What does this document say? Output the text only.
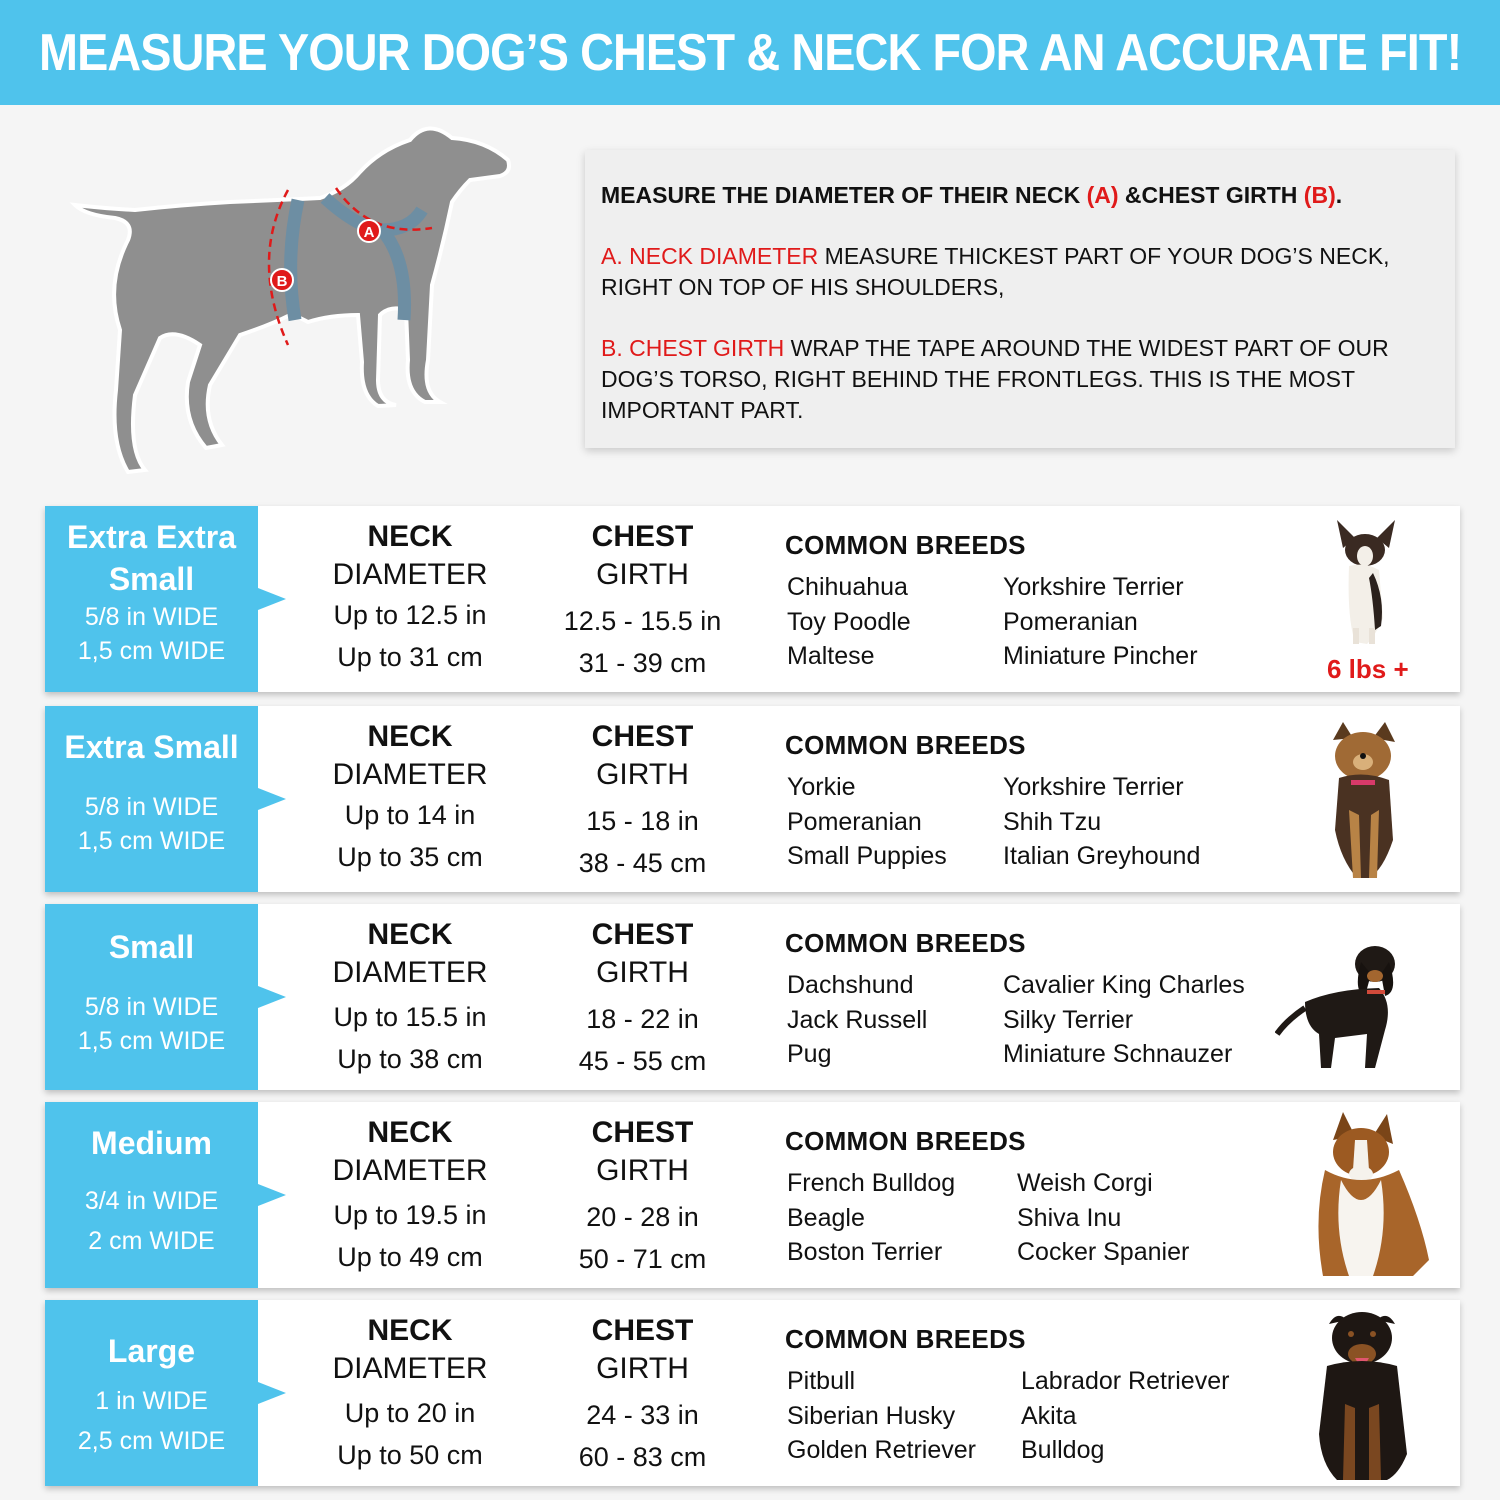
MEASURE YOUR DOG’S CHEST & NECK FOR AN ACCURATE FIT!
A
B

MEASURE THE DIAMETER OF THEIR NECK (A) &CHEST GIRTH (B).

A. NECK DIAMETER MEASURE THICKEST PART OF YOUR DOG’S NECK, RIGHT ON TOP OF HIS SHOULDERS,

B. CHEST GIRTH WRAP THE TAPE AROUND THE WIDEST PART OF OUR DOG’S TORSO, RIGHT BEHIND THE FRONTLEGS. THIS IS THE MOST IMPORTANT PART.

Extra Extra
Small
5/8 in WIDE
1,5 cm WIDE
NECK
DIAMETER
Up to 12.5 in
Up to 31 cm
CHEST
GIRTH
12.5 - 15.5 in
31 - 39 cm
COMMON BREEDS
Chihuahua
Toy Poodle
Maltese
Yorkshire Terrier
Pomeranian
Miniature Pincher	6 lbs +
Extra Small
5/8 in WIDE
1,5 cm WIDE
NECK
DIAMETER
Up to 14 in
Up to 35 cm
CHEST
GIRTH
15 - 18 in
38 - 45 cm
COMMON BREEDS
Yorkie
Pomeranian
Small Puppies
Yorkshire Terrier
Shih Tzu
Italian Greyhound
Small
5/8 in WIDE
1,5 cm WIDE
NECK
DIAMETER
Up to 15.5 in
Up to 38 cm
CHEST
GIRTH
18 - 22 in
45 - 55 cm
COMMON BREEDS
Dachshund
Jack Russell
Pug
Cavalier King Charles
Silky Terrier
Miniature Schnauzer
Medium
3/4 in WIDE
2 cm WIDE
NECK
DIAMETER
Up to 19.5 in
Up to 49 cm
CHEST
GIRTH
20 - 28 in
50 - 71 cm
COMMON BREEDS
French Bulldog
Beagle
Boston Terrier
Weish Corgi
Shiva Inu
Cocker Spanier
Large
1 in WIDE
2,5 cm WIDE
NECK
DIAMETER
Up to 20 in
Up to 50 cm
CHEST
GIRTH
24 - 33 in
60 - 83 cm
COMMON BREEDS
Pitbull
Siberian Husky
Golden Retriever
Labrador Retriever
Akita
Bulldog
